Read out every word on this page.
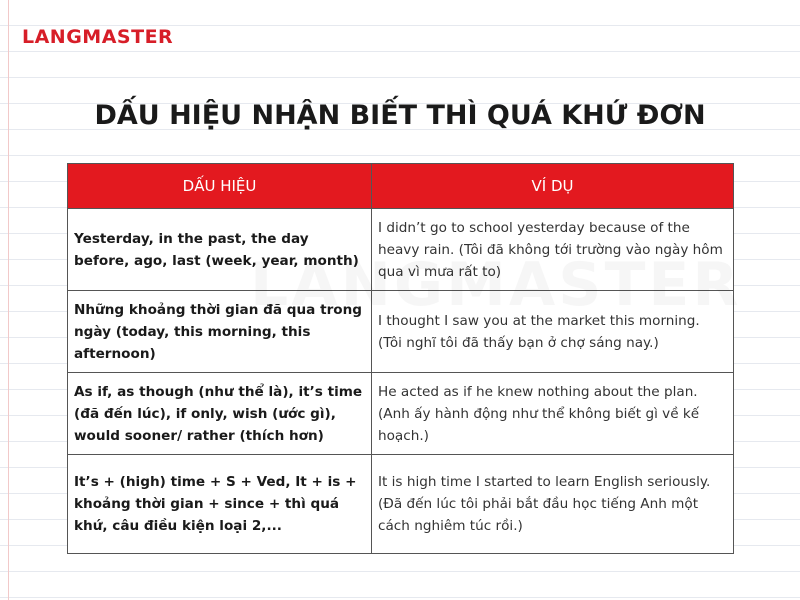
LANGMASTER
DẤU HIỆU NHẬN BIẾT THÌ QUÁ KHỨ ĐƠN
DẤU HIỆU	VÍ DỤ
Yesterday, in the past, the day before, ago, last (week, year, month)	I didn’t go to school yesterday because of the heavy rain. (Tôi đã không tới trường vào ngày hôm qua vì mưa rất to)
Những khoảng thời gian đã qua trong ngày (today, this morning, this afternoon)	I thought I saw you at the market this morning. (Tôi nghĩ tôi đã thấy bạn ở chợ sáng nay.)
As if, as though (như thể là), it’s time (đã đến lúc), if only, wish (ước gì), would sooner/ rather (thích hơn)	He acted as if he knew nothing about the plan. (Anh ấy hành động như thể không biết gì về kế hoạch.)
It’s + (high) time + S + Ved, It + is + khoảng thời gian + since + thì quá khứ, câu điều kiện loại 2,...	It is high time I started to learn English seriously. (Đã đến lúc tôi phải bắt đầu học tiếng Anh một cách nghiêm túc rồi.)
